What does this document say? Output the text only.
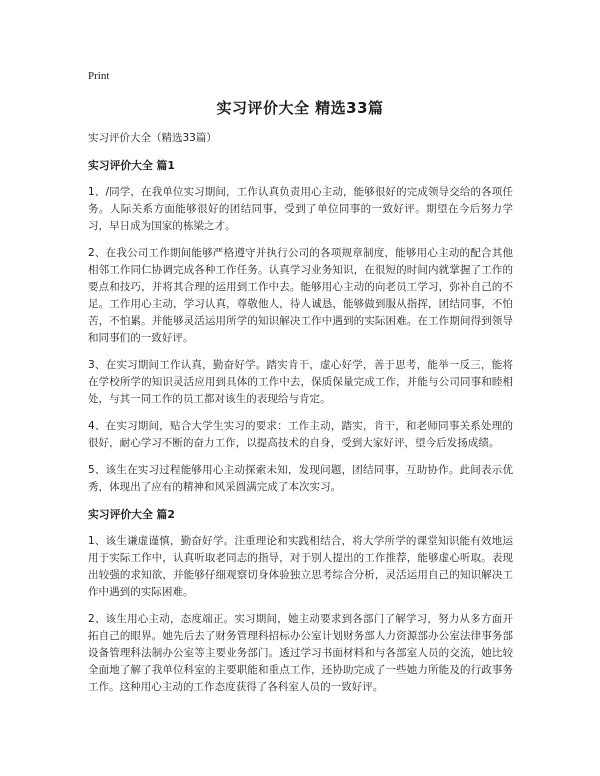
Print
实习评价大全 精选33篇

实习评价大全（精选33篇）

实习评价大全 篇1

1、/同学，在我单位实习期间，工作认真负责用心主动，能够很好的完成领导交给的各项任务。人际关系方面能够很好的团结同事，受到了单位同事的一致好评。期望在今后努力学习，早日成为国家的栋梁之才。

2、在我公司工作期间能够严格遵守并执行公司的各项规章制度，能够用心主动的配合其他相邻工作同仁协调完成各种工作任务。认真学习业务知识，在很短的时间内就掌握了工作的要点和技巧，并将其合理的运用到工作中去。能够用心主动的向老员工学习，弥补自己的不足。工作用心主动，学习认真，尊敬他人，待人诚恳，能够做到服从指挥，团结同事，不怕苦，不怕累。并能够灵活运用所学的知识解决工作中遇到的实际困难。在工作期间得到领导和同事们的一致好评。

3、在实习期间工作认真，勤奋好学。踏实肯干，虚心好学，善于思考，能举一反三，能将在学校所学的知识灵活应用到具体的工作中去，保质保量完成工作，并能与公司同事和睦相处，与其一同工作的员工都对该生的表现给与肯定。

4、在实习期间，贴合大学生实习的要求：工作主动，踏实，肯干，和老师同事关系处理的很好，耐心学习不断的奋力工作，以提高技术的自身，受到大家好评，望今后发扬成绩。

5、该生在实习过程能够用心主动探索未知，发现问题，团结同事，互助协作。此间表示优秀，体现出了应有的精神和风采圆满完成了本次实习。

实习评价大全 篇2

1、该生谦虚谨慎，勤奋好学。注重理论和实践相结合，将大学所学的课堂知识能有效地运用于实际工作中，认真听取老同志的指导，对于别人提出的工作推荐，能够虚心听取。表现出较强的求知欲，并能够仔细观察切身体验独立思考综合分析，灵活运用自己的知识解决工作中遇到的实际困难。

2、该生用心主动，态度端正。实习期间，她主动要求到各部门了解学习，努力从多方面开拓自己的眼界。她先后去了财务管理科招标办公室计划财务部人力资源部办公室法律事务部设备管理科法制办公室等主要业务部门。透过学习书面材料和与各部室人员的交流，她比较全面地了解了我单位科室的主要职能和重点工作，还协助完成了一些她力所能及的行政事务工作。这种用心主动的工作态度获得了各科室人员的一致好评。
